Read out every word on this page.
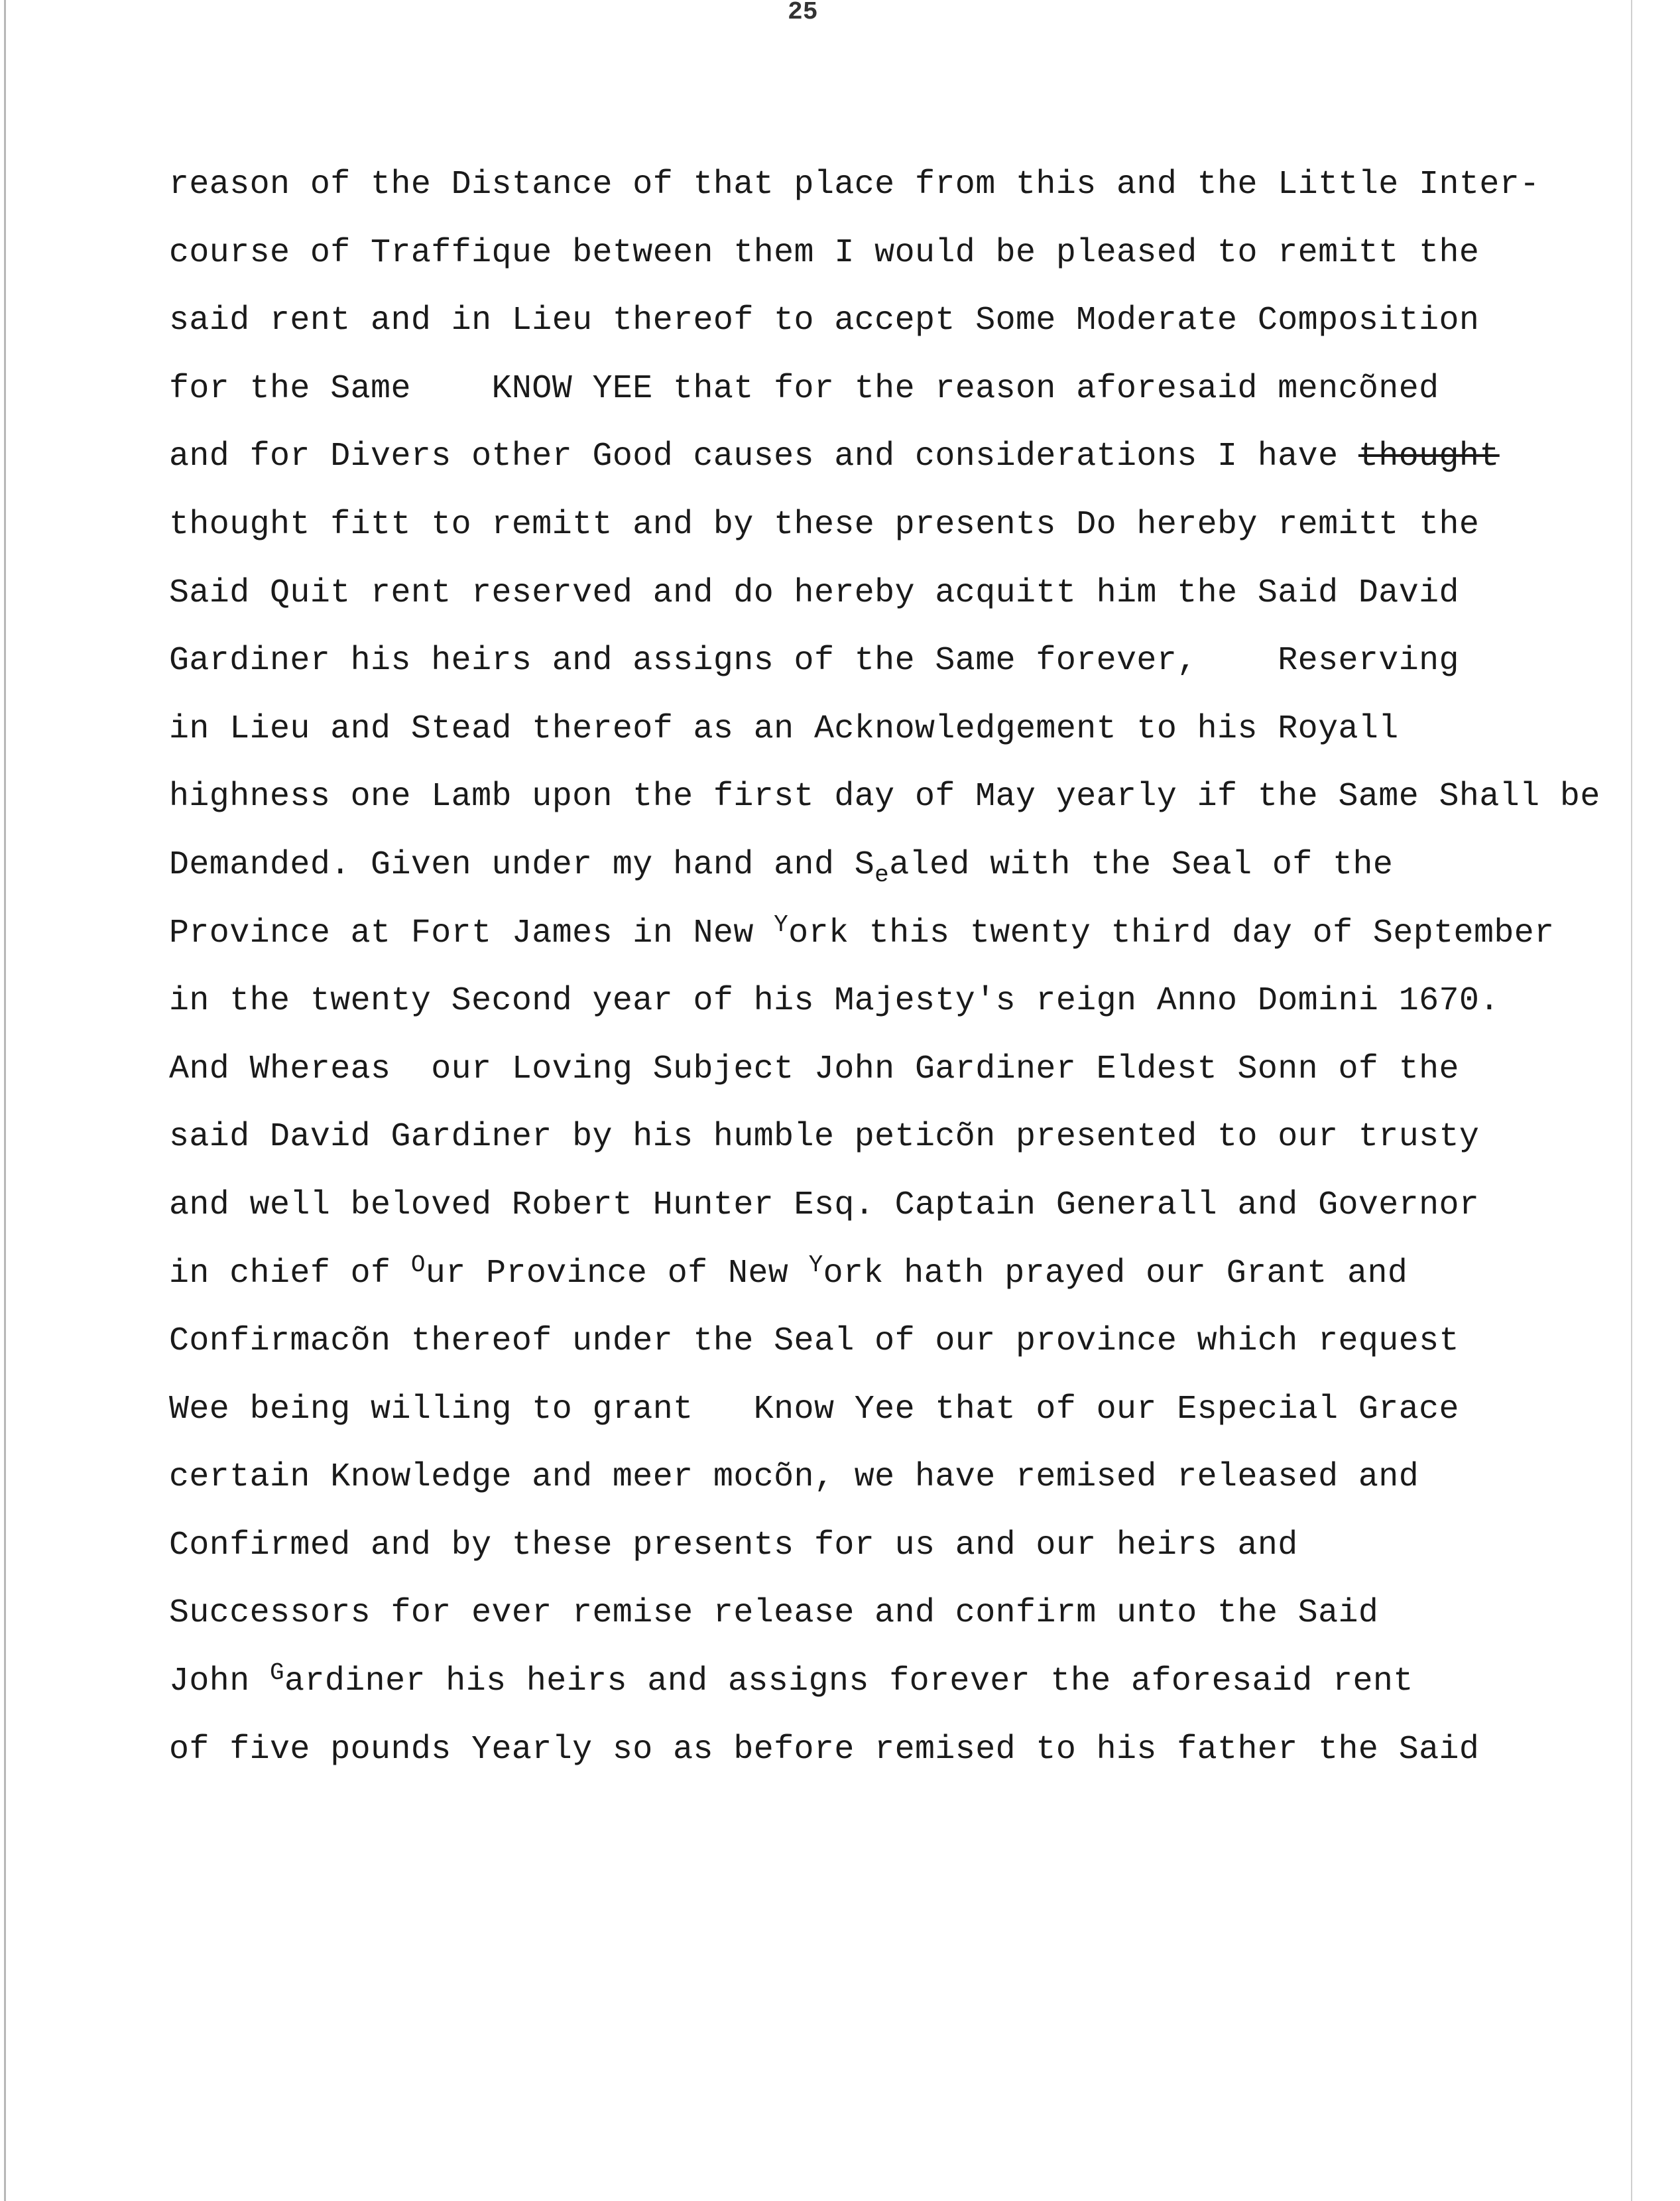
25
reason of the Distance of that place from this and the Little Inter-
course of Traffique between them I would be pleased to remitt the
said rent and in Lieu thereof to accept Some Moderate Composition
for the Same    KNOW YEE that for the reason aforesaid mencõned
and for Divers other Good causes and considerations I have thought
thought fitt to remitt and by these presents Do hereby remitt the
Said Quit rent reserved and do hereby acquitt him the Said David
Gardiner his heirs and assigns of the Same forever,    Reserving
in Lieu and Stead thereof as an Acknowledgement to his Royall
highness one Lamb upon the first day of May yearly if the Same Shall be
Demanded. Given under my hand and $S_ealed$ with the Seal of the
Province at Fort James in New $^Y$ork this twenty third day of September
in the twenty Second year of his Majesty's reign Anno Domini 1670.
And Whereas  our Loving Subject John Gardiner Eldest Sonn of the
said David Gardiner by his humble peticõn presented to our trusty
and well beloved Robert Hunter Esq. Captain Generall and Governor
in chief of $^O$ur Province of New $^Y$ork hath prayed our Grant and
Confirmacõn thereof under the Seal of our province which request
Wee being willing to grant   Know Yee that of our Especial Grace
certain Knowledge and meer mocõn, we have remised released and
Confirmed and by these presents for us and our heirs and
Successors for ever remise release and confirm unto the Said
John $^G$ardiner his heirs and assigns forever the aforesaid rent
of five pounds Yearly so as before remised to his father the Said
